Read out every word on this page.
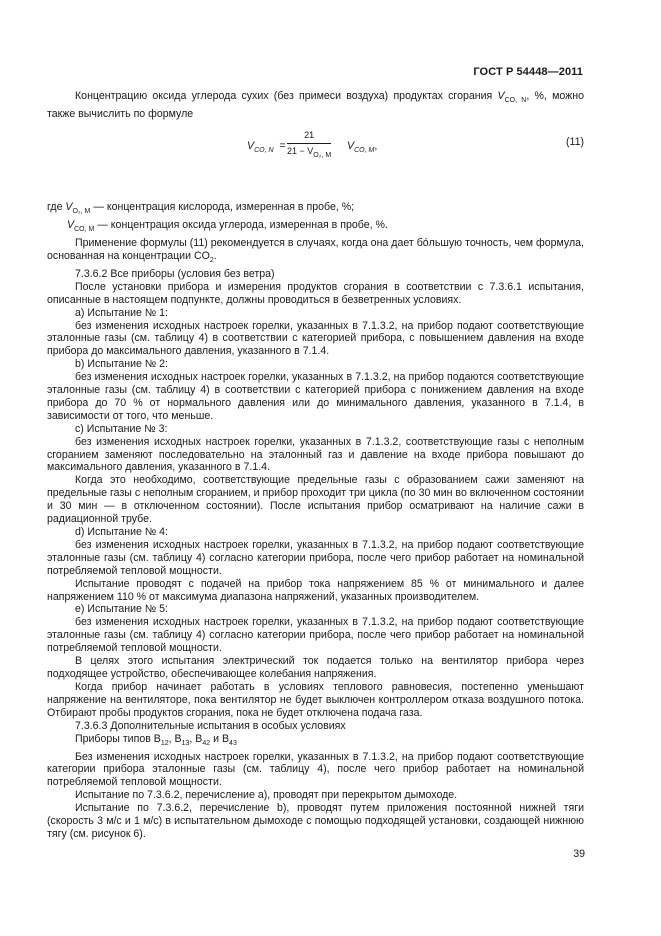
ГОСТ Р 54448—2011

Концентрацию оксида углерода сухих (без примеси воздуха) продуктах сгорания $V_{CO, N}$, %, можно также вычислить по формуле

$V_{CO, N} = \frac{21}{21 - V_{O_2, M}} V_{CO, M}$,	(11)

где $V_{O_2, M}$ — концентрация кислорода, измеренная в пробе, %;

$V_{CO, M}$ — концентрация оксида углерода, измеренная в пробе, %.

Применение формулы (11) рекомендуется в случаях, когда она дает бóльшую точность, чем формула, основанная на концентрации $CO_2$.

7.3.6.2 Все приборы (условия без ветра)

После установки прибора и измерения продуктов сгорания в соответствии с 7.3.6.1 испытания, описанные в настоящем подпункте, должны проводиться в безветренных условиях.

a) Испытание № 1:

без изменения исходных настроек горелки, указанных в 7.1.3.2, на прибор подают соответствующие эталонные газы (см. таблицу 4) в соответствии с категорией прибора, с повышением давления на входе прибора до максимального давления, указанного в 7.1.4.

b) Испытание № 2:

без изменения исходных настроек горелки, указанных в 7.1.3.2, на прибор подаются соответствующие эталонные газы (см. таблицу 4) в соответствии с категорией прибора с понижением давления на входе прибора до 70 % от нормального давления или до минимального давления, указанного в 7.1.4, в зависимости от того, что меньше.

c) Испытание № 3:

без изменения исходных настроек горелки, указанных в 7.1.3.2, соответствующие газы с неполным сгоранием заменяют последовательно на эталонный газ и давление на входе прибора повышают до максимального давления, указанного в 7.1.4.

Когда это необходимо, соответствующие предельные газы с образованием сажи заменяют на предельные газы с неполным сгоранием, и прибор проходит три цикла (по 30 мин во включенном состоянии и 30 мин — в отключенном состоянии). После испытания прибор осматривают на наличие сажи в радиационной трубе.

d) Испытание № 4:

без изменения исходных настроек горелки, указанных в 7.1.3.2, на прибор подают соответствующие эталонные газы (см. таблицу 4) согласно категории прибора, после чего прибор работает на номинальной потребляемой тепловой мощности.

Испытание проводят с подачей на прибор тока напряжением 85 % от минимального и далее напряжением 110 % от максимума диапазона напряжений, указанных производителем.

e) Испытание № 5:

без изменения исходных настроек горелки, указанных в 7.1.3.2, на прибор подают соответствующие эталонные газы (см. таблицу 4) согласно категории прибора, после чего прибор работает на номинальной потребляемой тепловой мощности.

В целях этого испытания электрический ток подается только на вентилятор прибора через подходящее устройство, обеспечивающее колебания напряжения.

Когда прибор начинает работать в условиях теплового равновесия, постепенно уменьшают напряжение на вентиляторе, пока вентилятор не будет выключен контроллером отказа воздушного потока. Отбирают пробы продуктов сгорания, пока не будет отключена подача газа.

7.3.6.3 Дополнительные испытания в особых условиях

Приборы типов $B_{12}$, $B_{13}$, $B_{42}$ и $B_{43}$

Без изменения исходных настроек горелки, указанных в 7.1.3.2, на прибор подают соответствующие категории прибора эталонные газы (см. таблицу 4), после чего прибор работает на номинальной потребляемой тепловой мощности.

Испытание по 7.3.6.2, перечисление a), проводят при перекрытом дымоходе.

Испытание по 7.3.6.2, перечисление b), проводят путем приложения постоянной нижней тяги (скорость 3 м/с и 1 м/с) в испытательном дымоходе с помощью подходящей установки, создающей нижнюю тягу (см. рисунок 6).

39
